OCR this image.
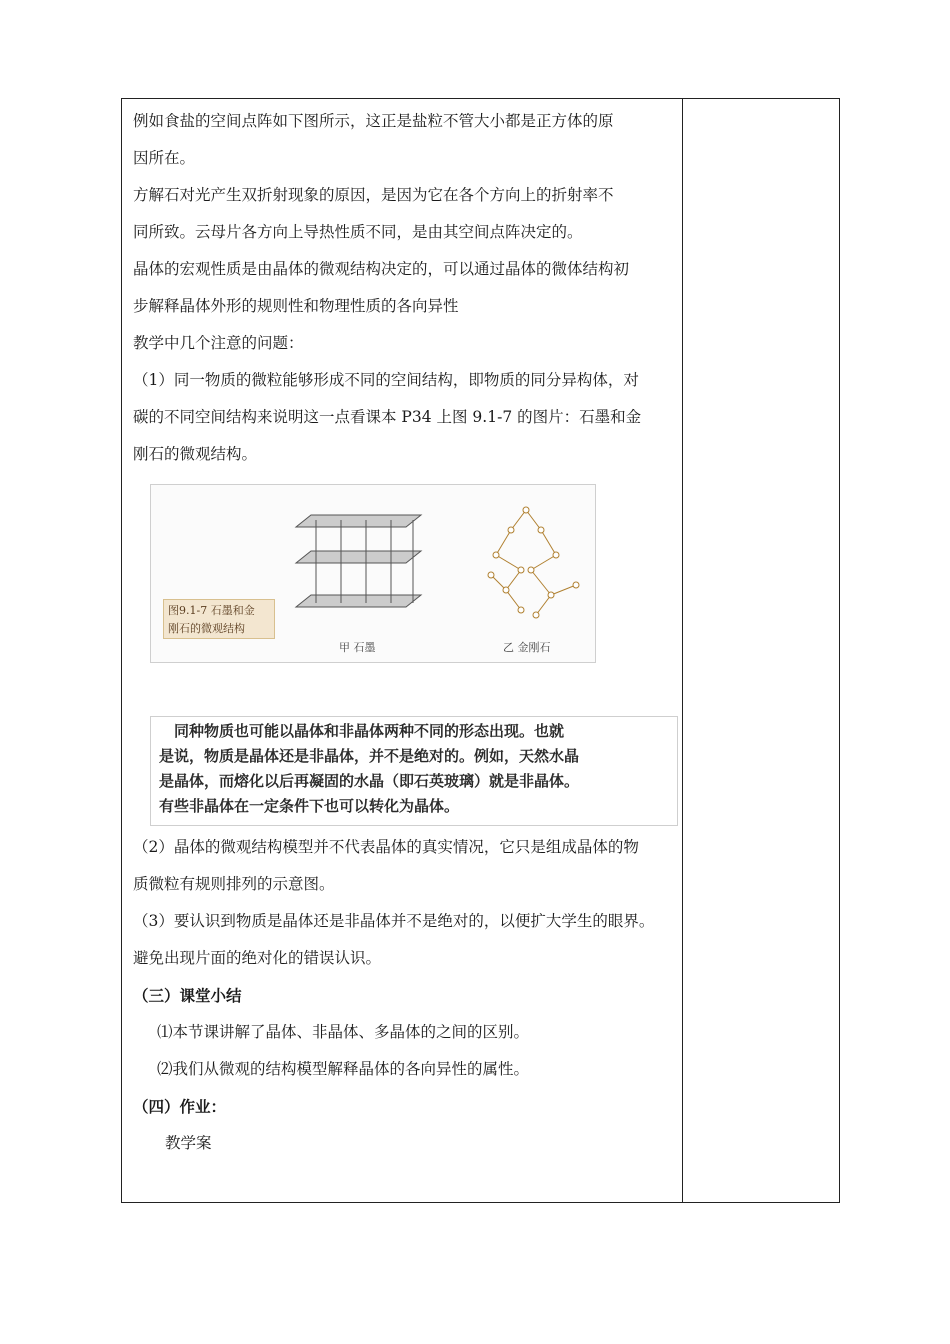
例如食盐的空间点阵如下图所示，这正是盐粒不管大小都是正方体的原
因所在。
方解石对光产生双折射现象的原因，是因为它在各个方向上的折射率不
同所致。云母片各方向上导热性质不同，是由其空间点阵决定的。
晶体的宏观性质是由晶体的微观结构决定的，可以通过晶体的微体结构初
步解释晶体外形的规则性和物理性质的各向异性
教学中几个注意的问题：
（1）同一物质的微粒能够形成不同的空间结构，即物质的同分异构体，对
碳的不同空间结构来说明这一点看课本 P34 上图 9.1-7 的图片：石墨和金
刚石的微观结构。
图9.1-7 石墨和金
刚石的微观结构
甲 石墨	乙 金刚石
　同种物质也可能以晶体和非晶体两种不同的形态出现。也就
是说，物质是晶体还是非晶体，并不是绝对的。例如，天然水晶
是晶体，而熔化以后再凝固的水晶（即石英玻璃）就是非晶体。
有些非晶体在一定条件下也可以转化为晶体。
（2）晶体的微观结构模型并不代表晶体的真实情况，它只是组成晶体的物
质微粒有规则排列的示意图。
（3）要认识到物质是晶体还是非晶体并不是绝对的，以便扩大学生的眼界。
避免出现片面的绝对化的错误认识。
（三）课堂小结
⑴本节课讲解了晶体、非晶体、多晶体的之间的区别。
⑵我们从微观的结构模型解释晶体的各向异性的属性。
（四）作业：
教学案
